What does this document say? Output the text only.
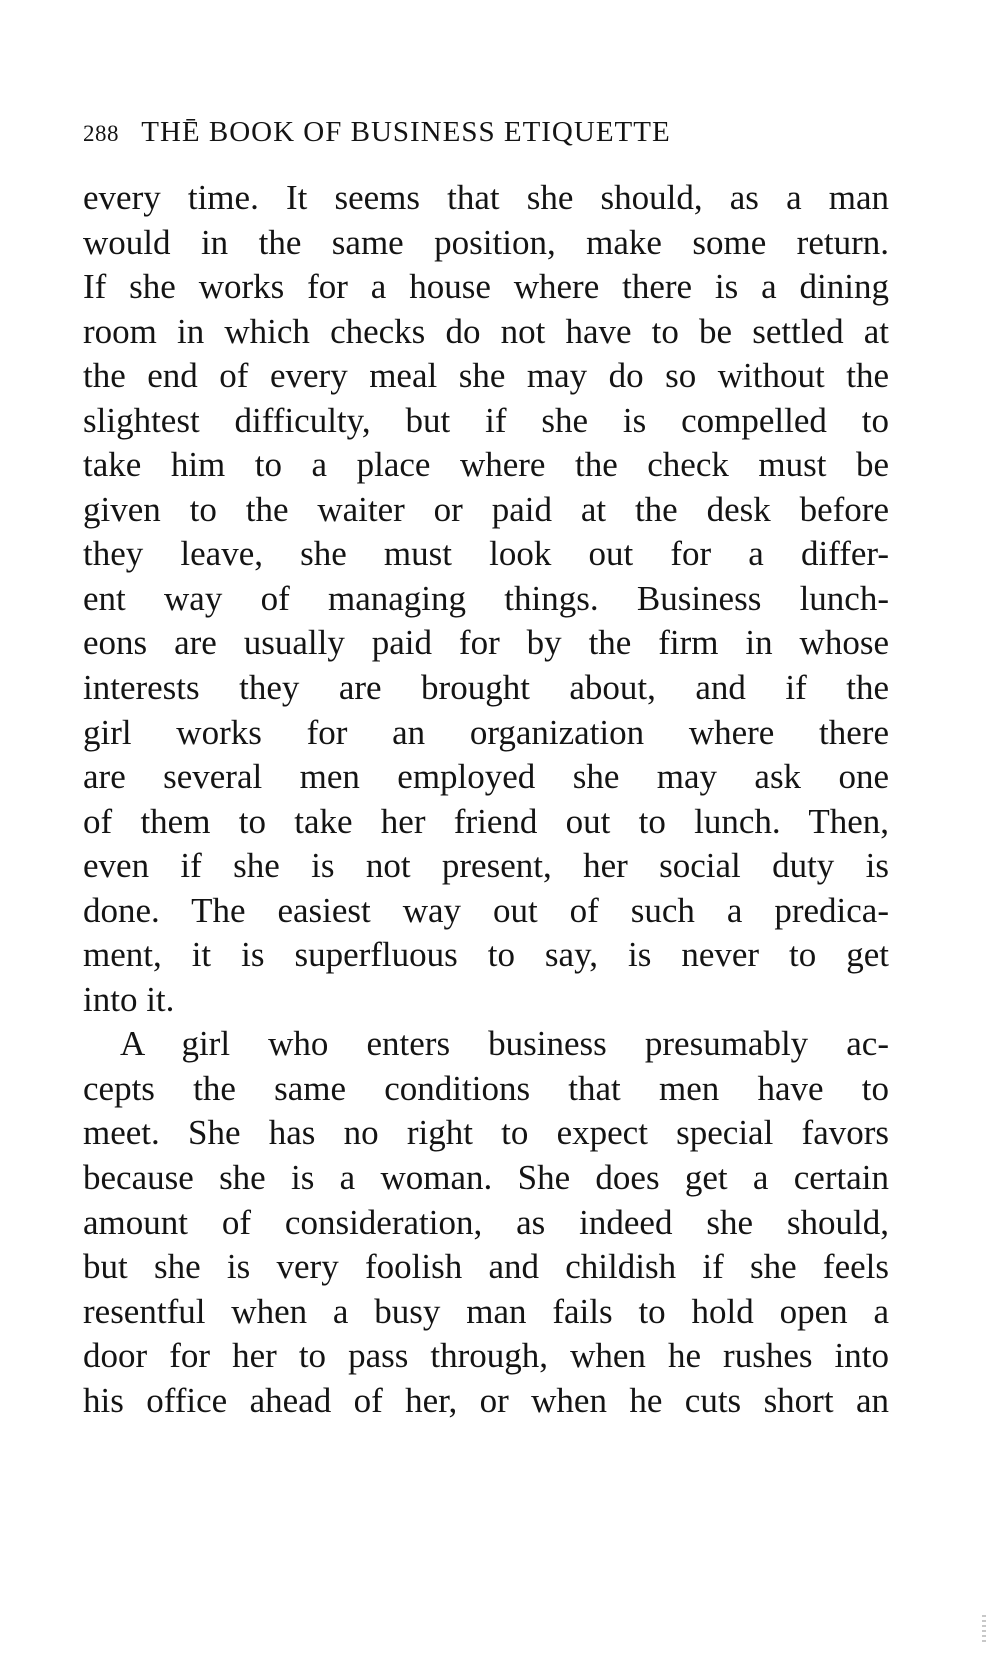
288 THĒ BOOK OF BUSINESS ETIQUETTE
every time. It seems that she should, as a man
would in the same position, make some return.
If she works for a house where there is a dining
room in which checks do not have to be settled at
the end of every meal she may do so without the
slightest difficulty, but if she is compelled to
take him to a place where the check must be
given to the waiter or paid at the desk before
they leave, she must look out for a differ-
ent way of managing things. Business lunch-
eons are usually paid for by the firm in whose
interests they are brought about, and if the
girl works for an organization where there
are several men employed she may ask one
of them to take her friend out to lunch. Then,
even if she is not present, her social duty is
done. The easiest way out of such a predica-
ment, it is superfluous to say, is never to get
into it.
A girl who enters business presumably ac-
cepts the same conditions that men have to
meet. She has no right to expect special favors
because she is a woman. She does get a certain
amount of consideration, as indeed she should,
but she is very foolish and childish if she feels
resentful when a busy man fails to hold open a
door for her to pass through, when he rushes into
his office ahead of her, or when he cuts short an
